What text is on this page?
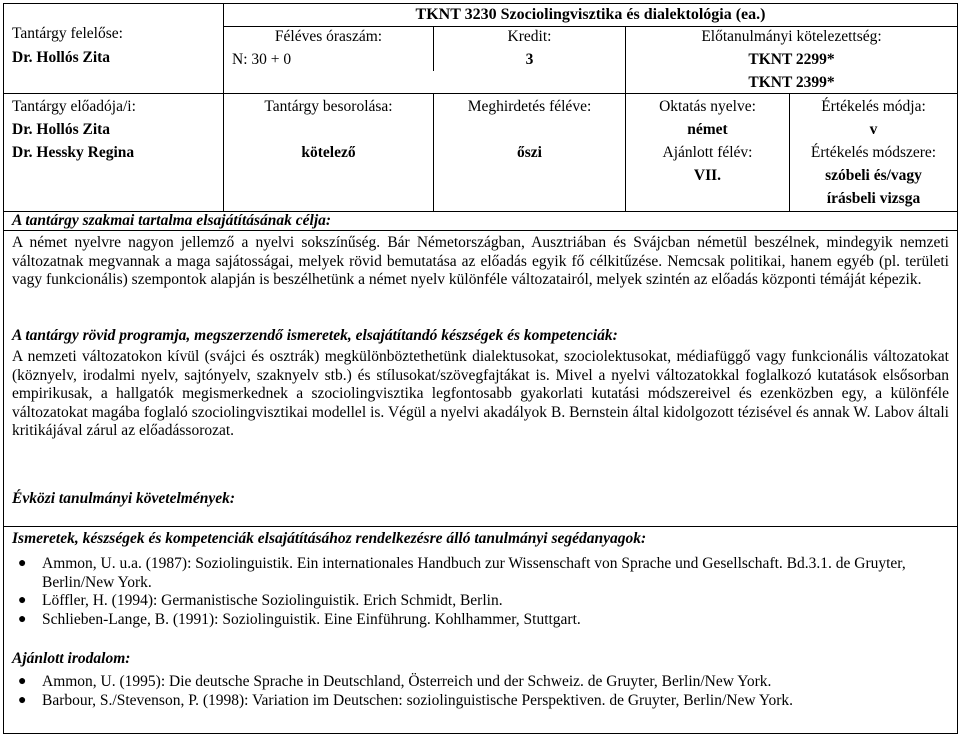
Tantárgy felelőse:
Dr. Hollós Zita
Tantárgy előadója/i:
Dr. Hollós Zita
Dr. Hessky Regina
TKNT 3230 Szociolingvisztika és dialektológia (ea.)
Féléves óraszám:
N: 30 + 0
Kredit:
3
Előtanulmányi kötelezettség:
TKNT 2299*
TKNT 2399*
Tantárgy besorolása:
kötelező
Meghirdetés féléve:
őszi
Oktatás nyelve:
német
Ajánlott félév:
VII.
Értékelés módja:
v
Értékelés módszere:
szóbeli és/vagy
írásbeli vizsga
A tantárgy szakmai tartalma elsajátításának célja:
A német nyelvre nagyon jellemző a nyelvi sokszínűség. Bár Németországban, Ausztriában és Svájcban németül beszélnek, mindegyik nemzeti változatnak megvannak a maga sajátosságai, melyek rövid bemutatása az előadás egyik fő célkitűzése. Nemcsak politikai, hanem egyéb (pl. területi vagy funkcionális) szempontok alapján is beszélhetünk a német nyelv különféle változatairól, melyek szintén az előadás központi témáját képezik.
A tantárgy rövid programja, megszerzendő ismeretek, elsajátítandó készségek és kompetenciák:
A nemzeti változatokon kívül (svájci és osztrák) megkülönböztethetünk dialektusokat, szociolektusokat, médiafüggő vagy funkcionális változatokat (köznyelv, irodalmi nyelv, sajtónyelv, szaknyelv stb.) és stílusokat/szövegfajtákat is. Mivel a nyelvi változatokkal foglalkozó kutatások elsősorban empirikusak, a hallgatók megismerkednek a szociolingvisztika legfontosabb gyakorlati kutatási módszereivel és ezenközben egy, a különféle változatokat magába foglaló szociolingvisztikai modellel is. Végül a nyelvi akadályok B. Bernstein által kidolgozott tézisével és annak W. Labov általi kritikájával zárul az előadássorozat.
Évközi tanulmányi követelmények:
Ismeretek, készségek és kompetenciák elsajátításához rendelkezésre álló tanulmányi segédanyagok:
● Ammon, U. u.a. (1987): Soziolinguistik. Ein internationales Handbuch zur Wissenschaft von Sprache und Gesellschaft. Bd.3.1. de Gruyter, Berlin/New York.
● Löffler, H. (1994): Germanistische Soziolinguistik. Erich Schmidt, Berlin.
● Schlieben-Lange, B. (1991): Soziolinguistik. Eine Einführung. Kohlhammer, Stuttgart.
Ajánlott irodalom:
● Ammon, U. (1995): Die deutsche Sprache in Deutschland, Österreich und der Schweiz. de Gruyter, Berlin/New York.
● Barbour, S./Stevenson, P. (1998): Variation im Deutschen: soziolinguistische Perspektiven. de Gruyter, Berlin/New York.
